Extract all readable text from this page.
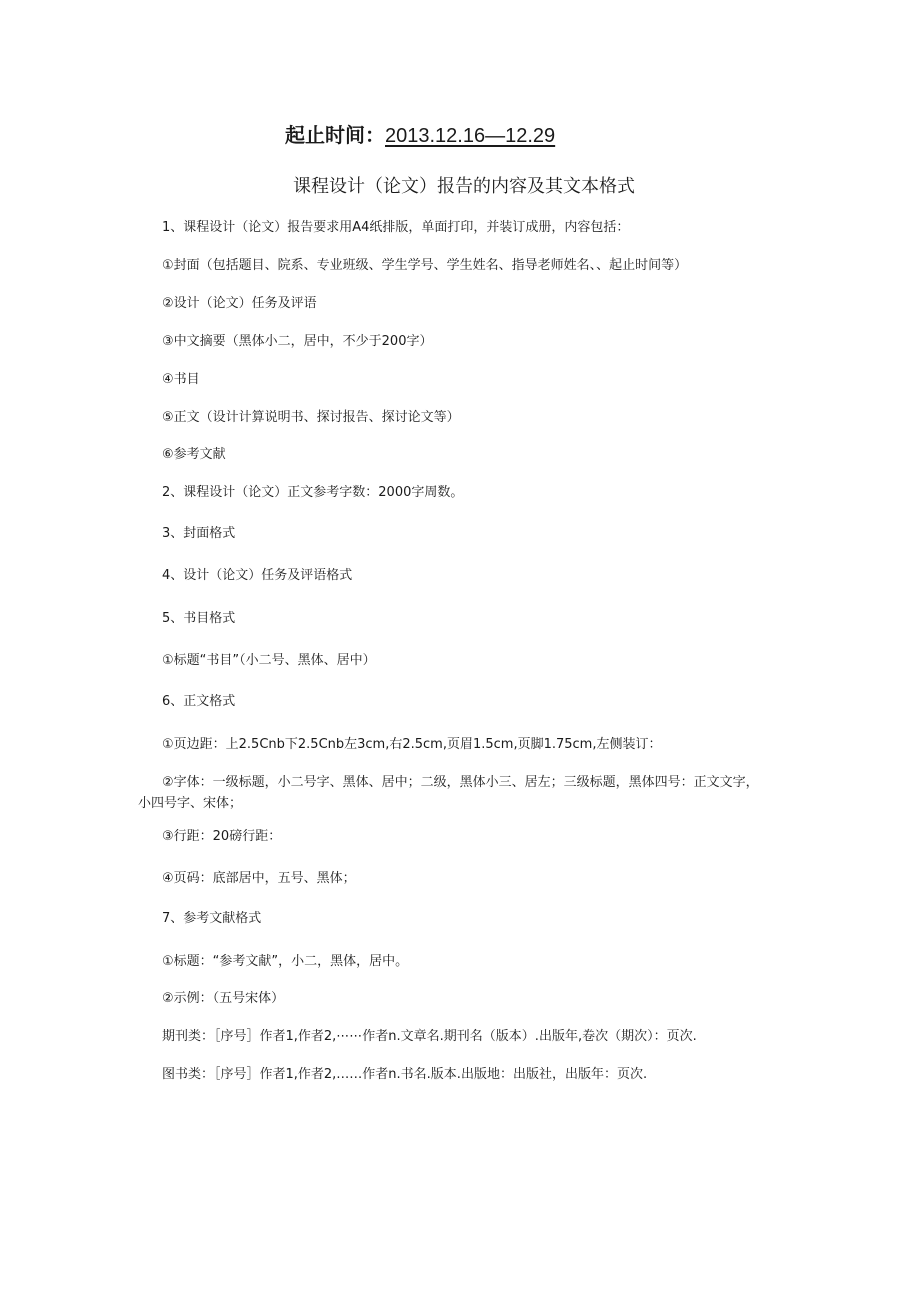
起止时间：2013.12.16—12.29
课程设计（论文）报告的内容及其文本格式
1、课程设计（论文）报告要求用A4纸排版，单面打印，并装订成册，内容包括：
①封面（包括题目、院系、专业班级、学生学号、学生姓名、指导老师姓名、、起止时间等）
②设计（论文）任务及评语
③中文摘要（黑体小二，居中，不少于200字）
④书目
⑤正文（设计计算说明书、探讨报告、探讨论文等）
⑥参考文献
2、课程设计（论文）正文参考字数：2000字周数。
3、封面格式
4、设计（论文）任务及评语格式
5、书目格式
①标题“书目”（小二号、黑体、居中）
6、正文格式
①页边距：上2.5Cnb下2.5Cnb左3cm,右2.5cm,页眉1.5cm,页脚1.75cm,左侧装订：
②字体：一级标题，小二号字、黑体、居中；二级，黑体小三、居左；三级标题，黑体四号：正文文字，
小四号字、宋体；
③行距：20磅行距：
④页码：底部居中，五号、黑体；
7、参考文献格式
①标题：“参考文献”，小二，黑体，居中。
②示例：（五号宋体）
期刊类：［序号］作者1,作者2,⋯⋯作者n.文章名.期刊名（版本）.出版年,卷次（期次）：页次.
图书类：［序号］作者1,作者2,……作者n.书名.版本.出版地：出版社，出版年：页次.
